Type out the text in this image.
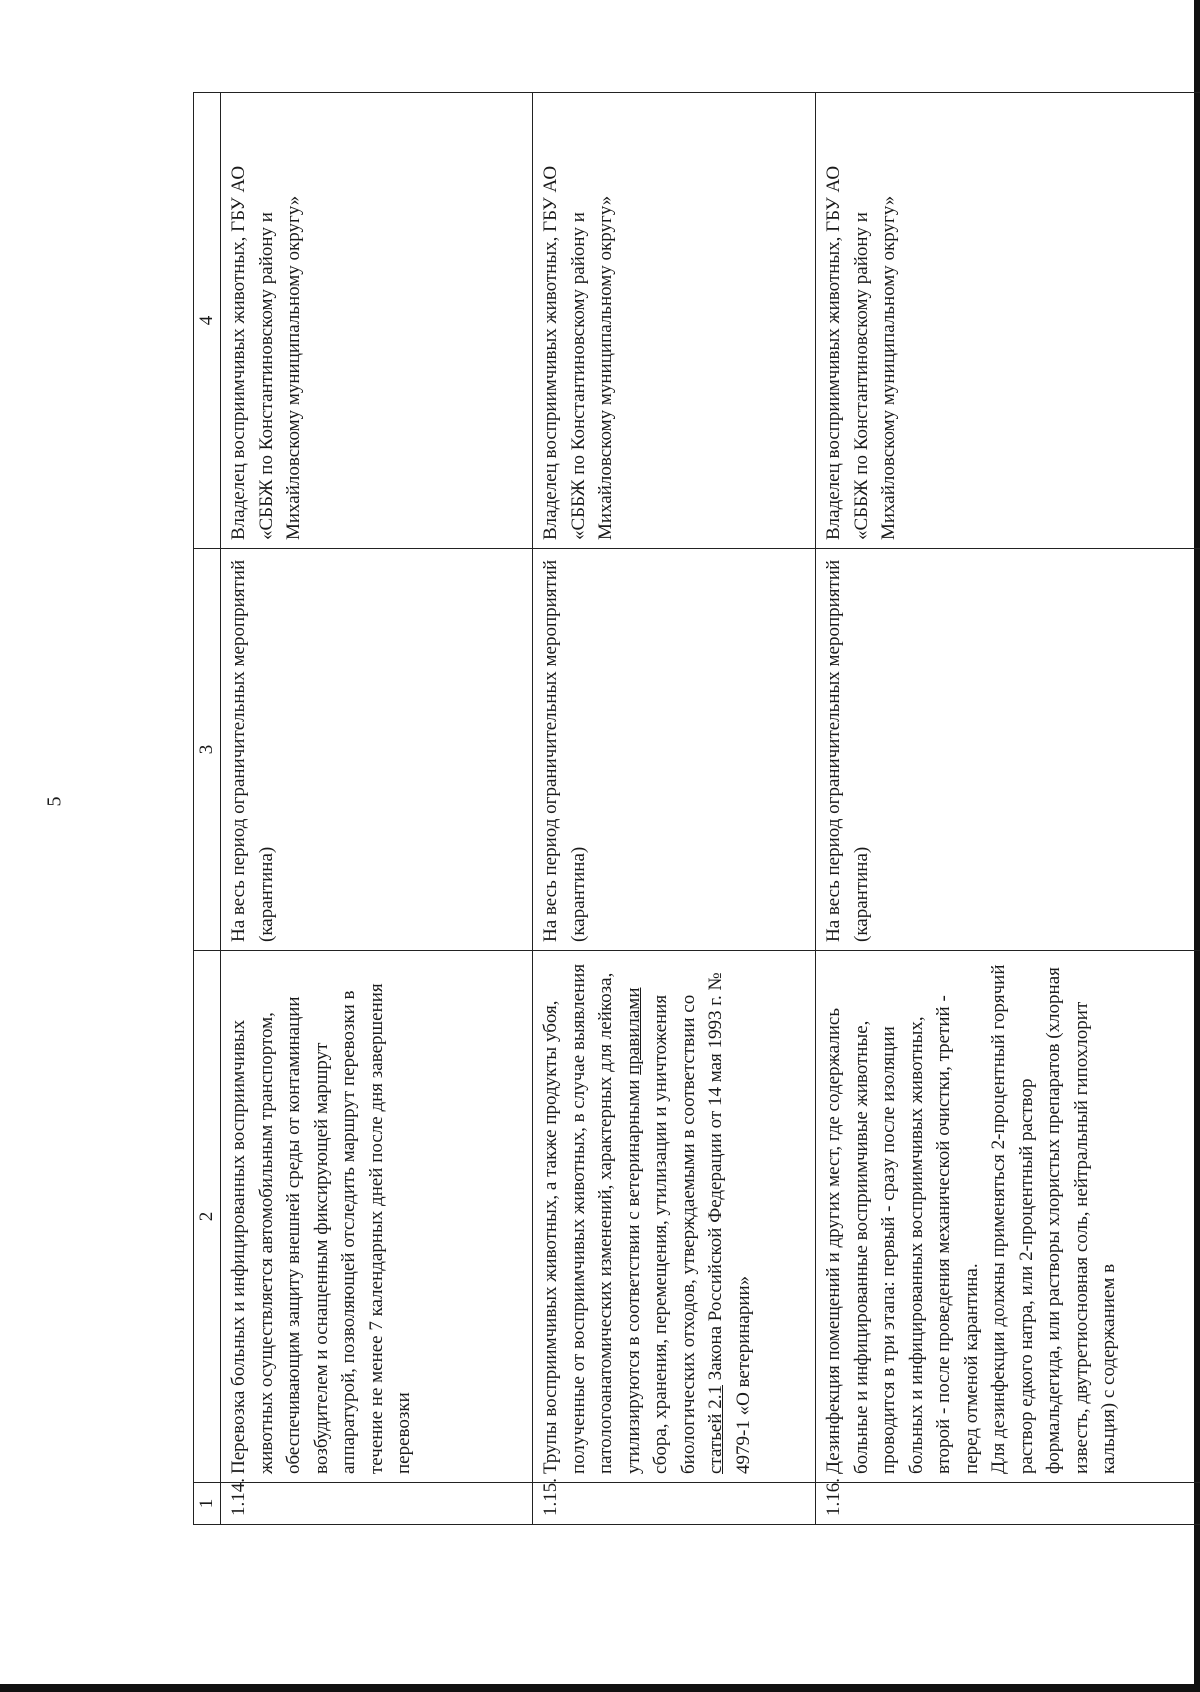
5
1	2	3	4
1.14.	Перевозка больных и инфицированных восприимчивых животных осуществляется автомобильным транспортом, обеспечивающим защиту внешней среды от контаминации возбудителем и оснащенным фиксирующей маршрут аппаратурой, позволяющей отследить маршрут перевозки в течение не менее 7 календарных дней после дня завершения перевозки	На весь период ограничительных мероприятий (карантина)	Владелец восприимчивых животных, ГБУ АО «СББЖ по Константиновскому району и Михайловскому муниципальному округу»
1.15.	Трупы восприимчивых животных, а также продукты убоя, полученные от восприимчивых животных, в случае выявления патологоанатомических изменений, характерных для лейкоза, утилизируются в соответствии с ветеринарными правилами сбора, хранения, перемещения, утилизации и уничтожения биологических отходов, утверждаемыми в соответствии со статьей 2.1 Закона Российской Федерации от 14 мая 1993 г. № 4979-1 «О ветеринарии»	На весь период ограничительных мероприятий (карантина)	Владелец восприимчивых животных, ГБУ АО «СББЖ по Константиновскому району и Михайловскому муниципальному округу»
1.16.	Дезинфекция помещений и других мест, где содержались больные и инфицированные восприимчивые животные, проводится в три этапа: первый - сразу после изоляции больных и инфицированных восприимчивых животных, второй - после проведения механической очистки, третий - перед отменой карантина. Для дезинфекции должны применяться 2-процентный горячий раствор едкого натра, или 2-процентный раствор формальдегида, или растворы хлористых препаратов (хлорная известь, двутретиосновная соль, нейтральный гипохлорит кальция) с содержанием в	На весь период ограничительных мероприятий (карантина)	Владелец восприимчивых животных, ГБУ АО «СББЖ по Константиновскому району и Михайловскому муниципальному округу»
